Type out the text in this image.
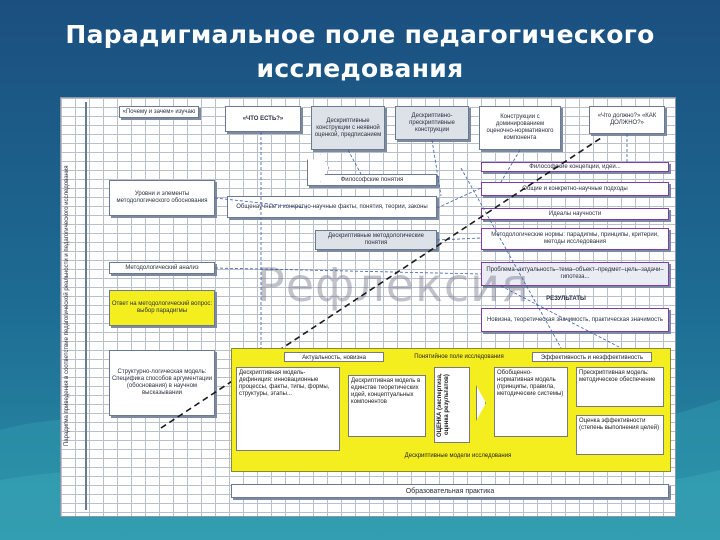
Парадигмальное поле педагогического
исследования
Парадигма приведения в соответствие педагогической реальности и педагогического исследования
«Почему и зачем» изучаю
«ЧТО ЕСТЬ?»	Дескриптивные конструкции с неявной оценкой, предписанием
Дескриптивно-прескриптивные конструкции
Конструкции с доминированием оценочно-нормативного компонента
«Что должно?» «КАК ДОЛЖНО?»
Уровни и элементы методологического обоснования
Методологический анализ
Ответ на методологический вопрос: выбор парадигмы
Структурно-логическая модель: Специфика способов аргументации (обоснования) в научном высказывании
Философские понятия
Общенаучные и конкретно-научные факты, понятия, теории, законы
Дескриптивные методологические понятия
Философские концепции, идеи...
Общие и конкретно-научные подходы
Идеалы научности
Методологические нормы: парадигмы, принципы, критерии, методы исследования
Проблема–актуальность–тема–объект–предмет–цель–задачи–гипотеза...
РЕЗУЛЬТАТЫ
Новизна, теоретическая значимость, практическая значимость
Рефлексия
Актуальность, новизна	Понятийное поле исследования	Эффективность и неэффективность
Дескриптивная модель-дефиниция: инновационные процессы, факты, типы, формы, структуры, этапы...
Дескриптивная модель в единстве теоретических идей, концептуальных компонентов	ОЦЕНКА (экспертиза, оценка результатов)
Обобщенно-нормативная модель (принципы, правила, методические системы)
Прескриптивная модель: методическое обеспечение
Оценка эффективности (степень выполнения целей)
Дескриптивные модели исследования
Образовательная практика
